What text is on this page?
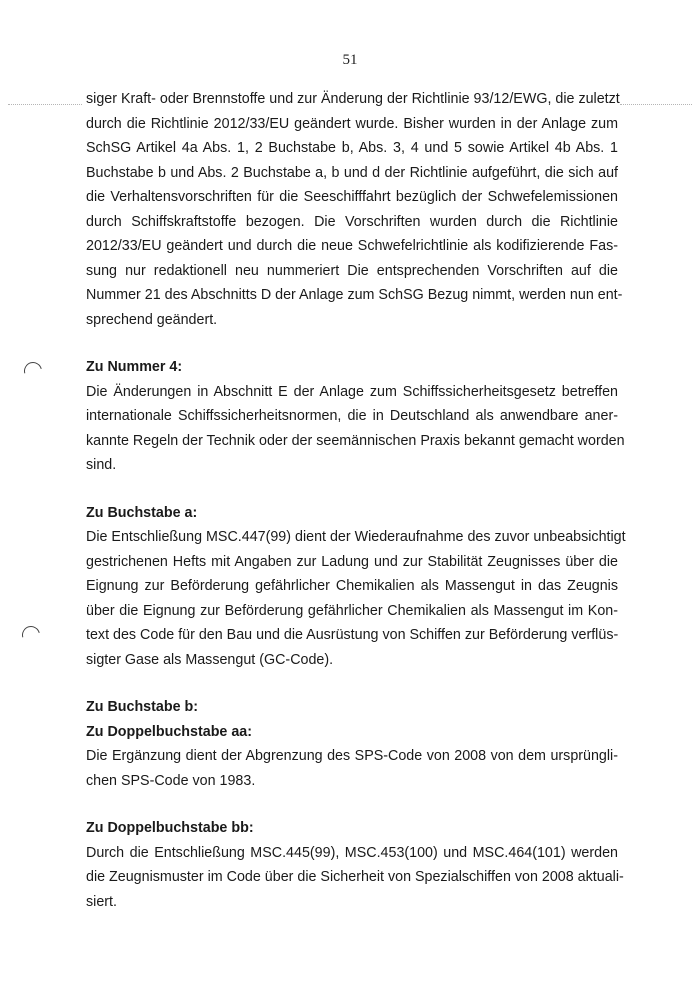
51
siger Kraft- oder Brennstoffe und zur Änderung der Richtlinie 93/12/EWG, die zuletzt
durch die Richtlinie 2012/33/EU geändert wurde. Bisher wurden in der Anlage zum
SchSG Artikel 4a Abs. 1, 2 Buchstabe b, Abs. 3, 4 und 5 sowie Artikel 4b Abs. 1
Buchstabe b und Abs. 2 Buchstabe a, b und d der Richtlinie aufgeführt, die sich auf
die Verhaltensvorschriften für die Seeschifffahrt bezüglich der Schwefelemissionen
durch Schiffskraftstoffe bezogen. Die Vorschriften wurden durch die Richtlinie
2012/33/EU geändert und durch die neue Schwefelrichtlinie als kodifizierende Fas-
sung nur redaktionell neu nummeriert Die entsprechenden Vorschriften auf die
Nummer 21 des Abschnitts D der Anlage zum SchSG Bezug nimmt, werden nun ent-
sprechend geändert.
Zu Nummer 4:
Die Änderungen in Abschnitt E der Anlage zum Schiffssicherheitsgesetz betreffen
internationale Schiffssicherheitsnormen, die in Deutschland als anwendbare aner-
kannte Regeln der Technik oder der seemännischen Praxis bekannt gemacht worden
sind.
Zu Buchstabe a:
Die Entschließung MSC.447(99) dient der Wiederaufnahme des zuvor unbeabsichtigt
gestrichenen Hefts mit Angaben zur Ladung und zur Stabilität Zeugnisses über die
Eignung zur Beförderung gefährlicher Chemikalien als Massengut in das Zeugnis
über die Eignung zur Beförderung gefährlicher Chemikalien als Massengut im Kon-
text des Code für den Bau und die Ausrüstung von Schiffen zur Beförderung verflüs-
sigter Gase als Massengut (GC-Code).
Zu Buchstabe b:
Zu Doppelbuchstabe aa:
Die Ergänzung dient der Abgrenzung des SPS-Code von 2008 von dem ursprüngli-
chen SPS-Code von 1983.
Zu Doppelbuchstabe bb:
Durch die Entschließung MSC.445(99), MSC.453(100) und MSC.464(101) werden
die Zeugnismuster im Code über die Sicherheit von Spezialschiffen von 2008 aktuali-
siert.
